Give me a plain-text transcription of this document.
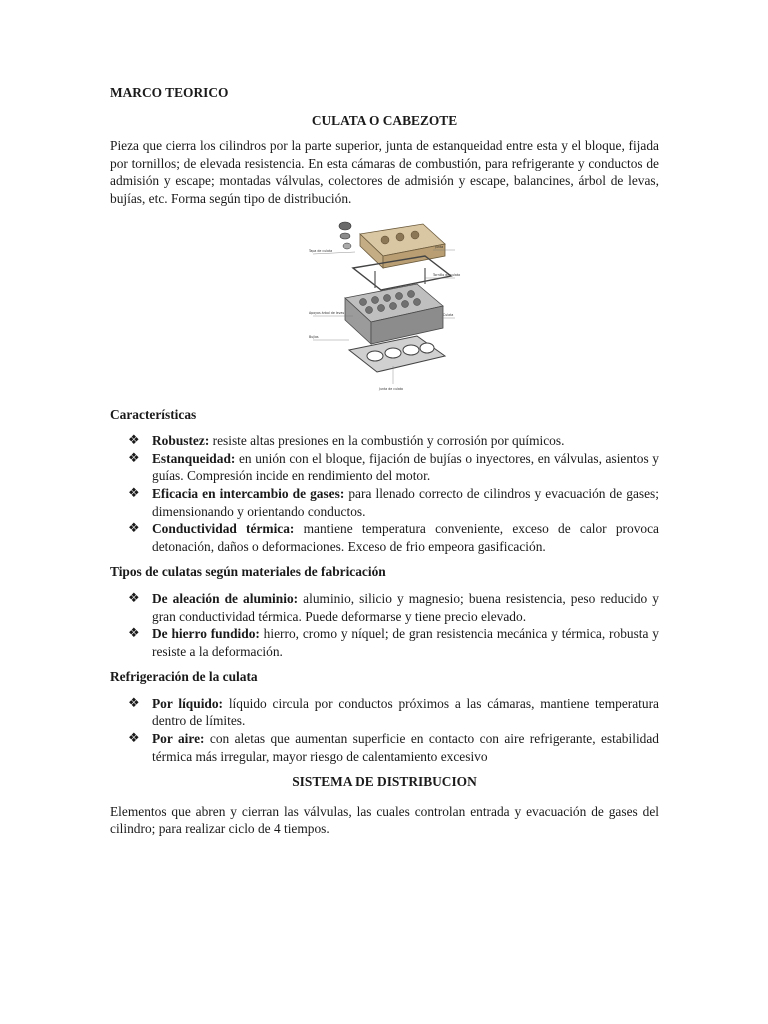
MARCO TEORICO
CULATA O CABEZOTE

Pieza que cierra los cilindros por la parte superior, junta de estanqueidad entre esta y el bloque, fijada por tornillos; de elevada resistencia. En esta cámaras de combustión, para refrigerante y conductos de admisión y escape; montadas válvulas, colectores de admisión y escape, balancines, árbol de levas, bujías, etc. Forma según tipo de distribución.

Tapa de culata
Junta
Tornillo de culata
Apoyos árbol de levas	Culata
Bujías
Junta de culata
Características
❖ Robustez: resiste altas presiones en la combustión y corrosión por químicos.
❖ Estanqueidad: en unión con el bloque, fijación de bujías o inyectores, en válvulas, asientos y guías. Compresión incide en rendimiento del motor.
❖ Eficacia en intercambio de gases: para llenado correcto de cilindros y evacuación de gases; dimensionando y orientando conductos.
❖ Conductividad térmica: mantiene temperatura conveniente, exceso de calor provoca detonación, daños o deformaciones. Exceso de frio empeora gasificación.
Tipos de culatas según materiales de fabricación
❖ De aleación de aluminio: aluminio, silicio y magnesio; buena resistencia, peso reducido y gran conductividad térmica. Puede deformarse y tiene precio elevado.
❖ De hierro fundido: hierro, cromo y níquel; de gran resistencia mecánica y térmica, robusta y resiste a la deformación.
Refrigeración de la culata
❖ Por líquido: líquido circula por conductos próximos a las cámaras, mantiene temperatura dentro de límites.
❖ Por aire: con aletas que aumentan superficie en contacto con aire refrigerante, estabilidad térmica más irregular, mayor riesgo de calentamiento excesivo
SISTEMA DE DISTRIBUCION

Elementos que abren y cierran las válvulas, las cuales controlan entrada y evacuación de gases del cilindro; para realizar ciclo de 4 tiempos.
